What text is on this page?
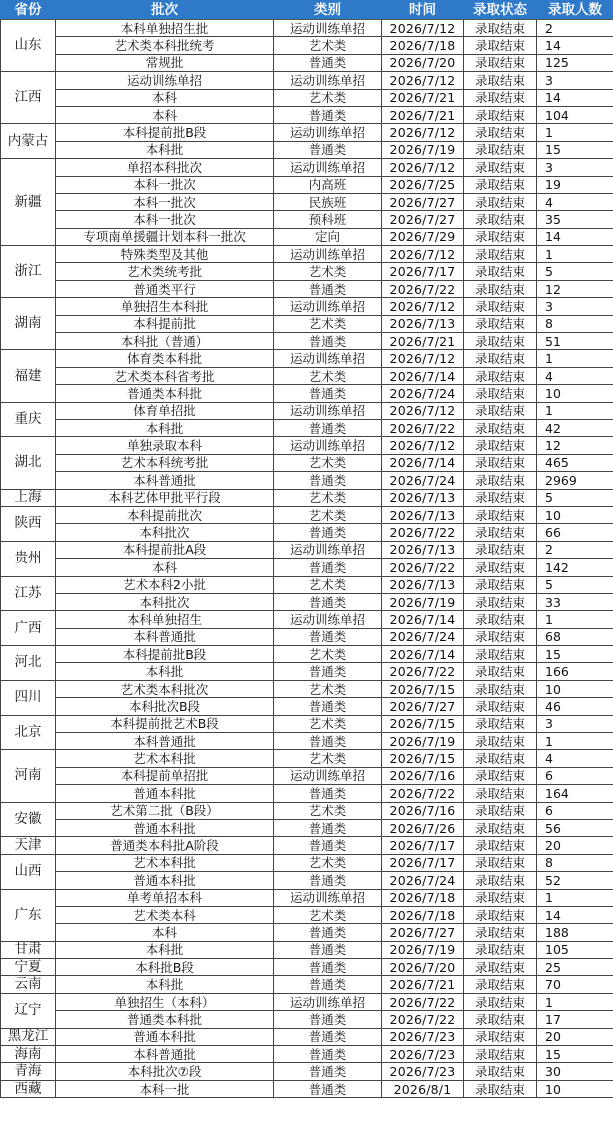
省份	批次	类别	时间	录取状态	录取人数
山东	本科单独招生批	运动训练单招	2026/7/12	录取结束	2
	艺术类本科批统考	艺术类	2026/7/18	录取结束	14
	常规批	普通类	2026/7/20	录取结束	125
江西	运动训练单招	运动训练单招	2026/7/12	录取结束	3
	本科	艺术类	2026/7/21	录取结束	14
	本科	普通类	2026/7/21	录取结束	104
内蒙古	本科提前批B段	运动训练单招	2026/7/12	录取结束	1
	本科批	普通类	2026/7/19	录取结束	15
新疆	单招本科批次	运动训练单招	2026/7/12	录取结束	3
	本科一批次	内高班	2026/7/25	录取结束	19
	本科一批次	民族班	2026/7/27	录取结束	4
	本科一批次	预科班	2026/7/27	录取结束	35
	专项南单援疆计划本科一批次	定向	2026/7/29	录取结束	14
浙江	特殊类型及其他	运动训练单招	2026/7/12	录取结束	1
	艺术类统考批	艺术类	2026/7/17	录取结束	5
	普通类平行	普通类	2026/7/22	录取结束	12
湖南	单独招生本科批	运动训练单招	2026/7/12	录取结束	3
	本科提前批	艺术类	2026/7/13	录取结束	8
	本科批（普通）	普通类	2026/7/21	录取结束	51
福建	体育类本科批	运动训练单招	2026/7/12	录取结束	1
	艺术类本科省考批	艺术类	2026/7/14	录取结束	4
	普通类本科批	普通类	2026/7/24	录取结束	10
重庆	体育单招批	运动训练单招	2026/7/12	录取结束	1
	本科批	普通类	2026/7/22	录取结束	42
湖北	单独录取本科	运动训练单招	2026/7/12	录取结束	12
	艺术本科统考批	艺术类	2026/7/14	录取结束	465
	本科普通批	普通类	2026/7/24	录取结束	2969
上海	本科艺体甲批平行段	艺术类	2026/7/13	录取结束	5
陕西	本科提前批次	艺术类	2026/7/13	录取结束	10
	本科批次	普通类	2026/7/22	录取结束	66
贵州	本科提前批A段	运动训练单招	2026/7/13	录取结束	2
	本科	普通类	2026/7/22	录取结束	142
江苏	艺术本科2小批	艺术类	2026/7/13	录取结束	5
	本科批次	普通类	2026/7/19	录取结束	33
广西	本科单独招生	运动训练单招	2026/7/14	录取结束	1
	本科普通批	普通类	2026/7/24	录取结束	68
河北	本科提前批B段	艺术类	2026/7/14	录取结束	15
	本科批	普通类	2026/7/22	录取结束	166
四川	艺术类本科批次	艺术类	2026/7/15	录取结束	10
	本科批次B段	普通类	2026/7/27	录取结束	46
北京	本科提前批艺术B段	艺术类	2026/7/15	录取结束	3
	本科普通批	普通类	2026/7/19	录取结束	1
河南	艺术本科批	艺术类	2026/7/15	录取结束	4
	本科提前单招批	运动训练单招	2026/7/16	录取结束	6
	普通本科批	普通类	2026/7/22	录取结束	164
安徽	艺术第二批（B段）	艺术类	2026/7/16	录取结束	6
	普通本科批	普通类	2026/7/26	录取结束	56
天津	普通类本科批A阶段	普通类	2026/7/17	录取结束	20
山西	艺术本科批	艺术类	2026/7/17	录取结束	8
	普通本科批	普通类	2026/7/24	录取结束	52
广东	单考单招本科	运动训练单招	2026/7/18	录取结束	1
	艺术类本科	艺术类	2026/7/18	录取结束	14
	本科	普通类	2026/7/27	录取结束	188
甘肃	本科批	普通类	2026/7/19	录取结束	105
宁夏	本科批B段	普通类	2026/7/20	录取结束	25
云南	本科批	普通类	2026/7/21	录取结束	70
辽宁	单独招生（本科）	运动训练单招	2026/7/22	录取结束	1
	普通类本科批	普通类	2026/7/22	录取结束	17
黑龙江	普通本科批	普通类	2026/7/23	录取结束	20
海南	本科普通批	普通类	2026/7/23	录取结束	15
青海	本科批次⑦段	普通类	2026/7/23	录取结束	30
西藏	本科一批	普通类	2026/8/1	录取结束	10
